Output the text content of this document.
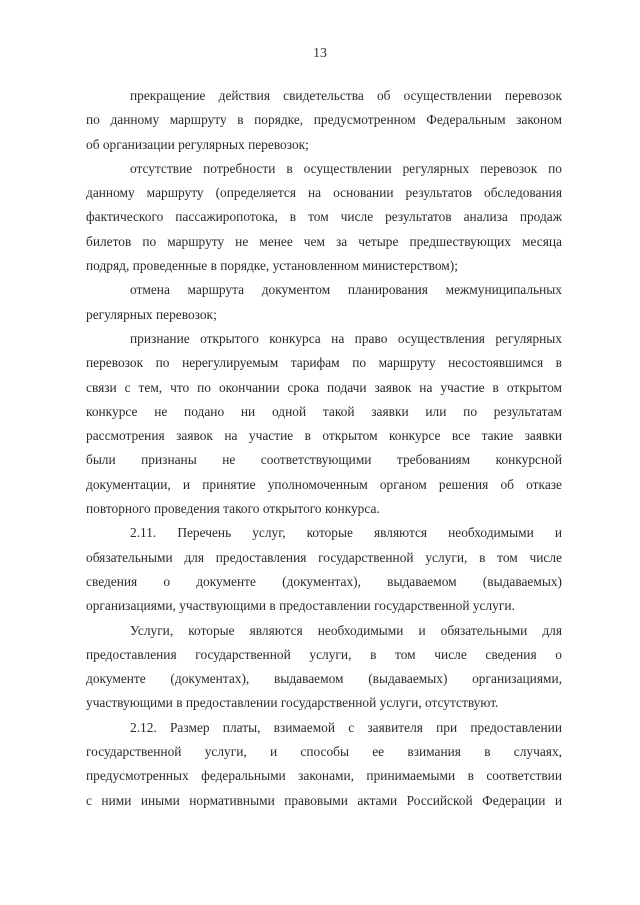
13
прекращение действия свидетельства об осуществлении перевозок
по данному маршруту в порядке, предусмотренном Федеральным законом
об организации регулярных перевозок;
отсутствие потребности в осуществлении регулярных перевозок по
данному маршруту (определяется на основании результатов обследования
фактического пассажиропотока, в том числе результатов анализа продаж
билетов по маршруту не менее чем за четыре предшествующих месяца
подряд, проведенные в порядке, установленном министерством);
отмена маршрута документом планирования межмуниципальных
регулярных перевозок;
признание открытого конкурса на право осуществления регулярных
перевозок по нерегулируемым тарифам по маршруту несостоявшимся в
связи с тем, что по окончании срока подачи заявок на участие в открытом
конкурсе не подано ни одной такой заявки или по результатам
рассмотрения заявок на участие в открытом конкурсе все такие заявки
были признаны не соответствующими требованиям конкурсной
документации, и принятие уполномоченным органом решения об отказе
повторного проведения такого открытого конкурса.
2.11. Перечень услуг, которые являются необходимыми и
обязательными для предоставления государственной услуги, в том числе
сведения о документе (документах), выдаваемом (выдаваемых)
организациями, участвующими в предоставлении государственной услуги.
Услуги, которые являются необходимыми и обязательными для
предоставления государственной услуги, в том числе сведения о
документе (документах), выдаваемом (выдаваемых) организациями,
участвующими в предоставлении государственной услуги, отсутствуют.
2.12. Размер платы, взимаемой с заявителя при предоставлении
государственной услуги, и способы ее взимания в случаях,
предусмотренных федеральными законами, принимаемыми в соответствии
с ними иными нормативными правовыми актами Российской Федерации и
